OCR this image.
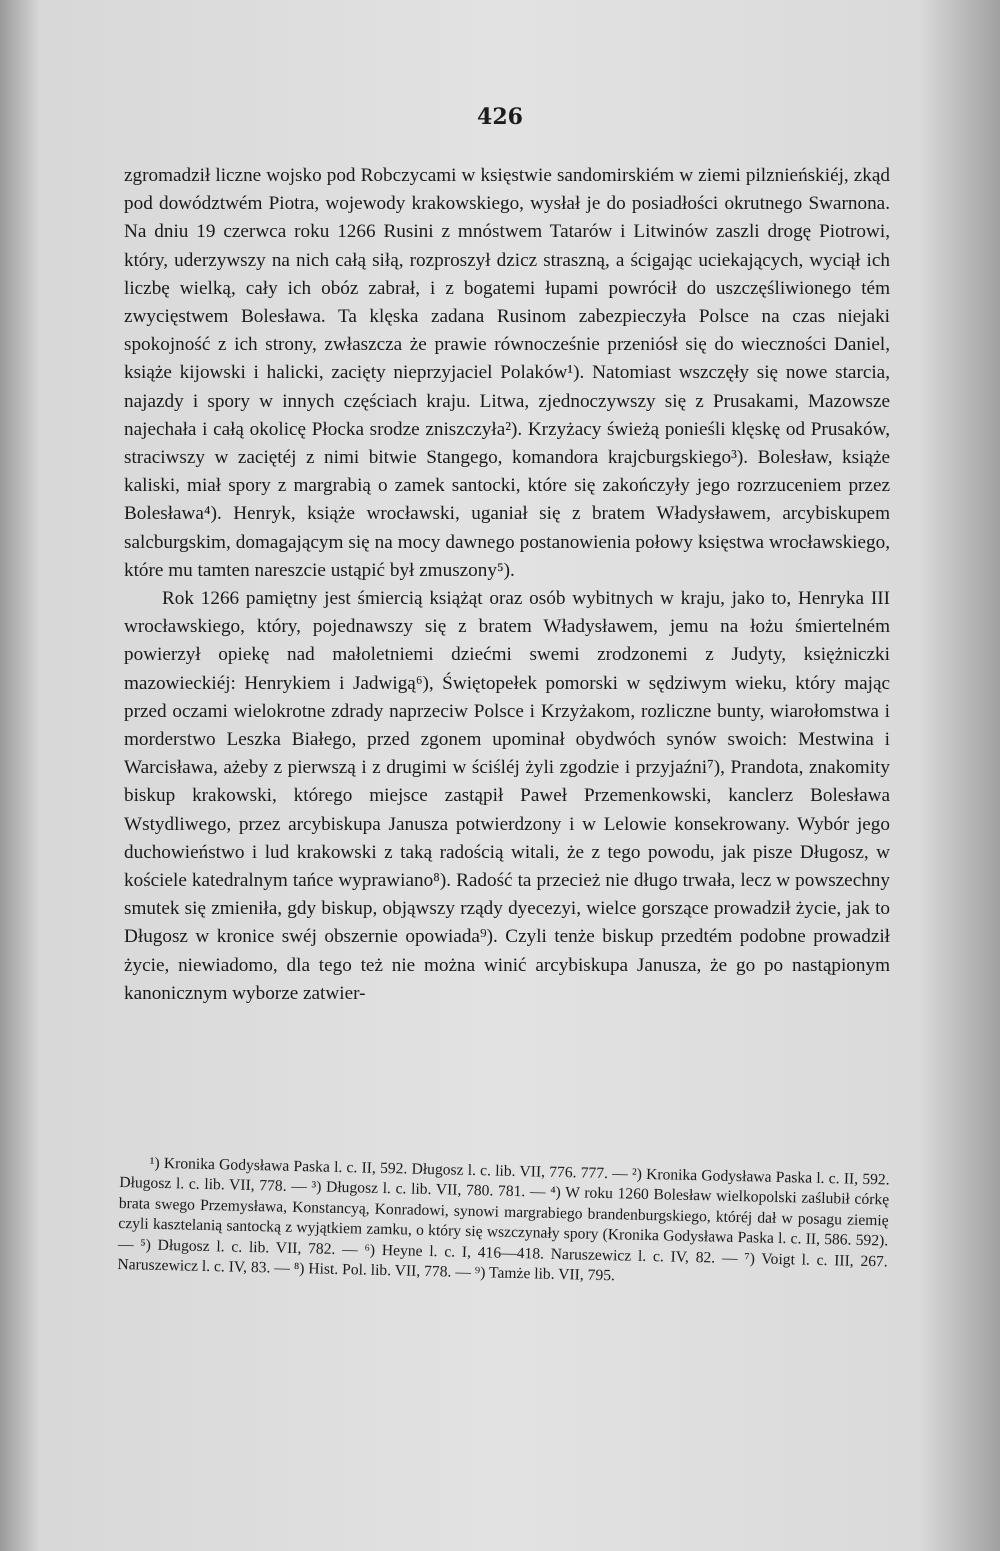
426

zgromadził liczne wojsko pod Robczycami w księstwie sandomirskiém w ziemi pilznieńskiéj, zkąd pod dowództwém Piotra, wojewody krakowskiego, wysłał je do posiadłości okrutnego Swarnona. Na dniu 19 czerwca roku 1266 Rusini z mnóstwem Tatarów i Litwinów zaszli drogę Piotrowi, który, uderzywszy na nich całą siłą, rozproszył dzicz straszną, a ścigając uciekających, wyciął ich liczbę wielką, cały ich obóz zabrał, i z bogatemi łupami powrócił do uszczęśliwionego tém zwycięstwem Bolesława. Ta klęska zadana Rusinom zabezpieczyła Polsce na czas niejaki spokojność z ich strony, zwłaszcza że prawie równocześnie przeniósł się do wieczności Daniel, książe kijowski i halicki, zacięty nieprzyjaciel Polaków¹). Natomiast wszczęły się nowe starcia, najazdy i spory w innych częściach kraju. Litwa, zjednoczywszy się z Prusakami, Mazowsze najechała i całą okolicę Płocka srodze zniszczyła²). Krzyżacy świeżą ponieśli klęskę od Prusaków, straciwszy w zaciętéj z nimi bitwie Stangego, komandora krajcburgskiego³). Bolesław, książe kaliski, miał spory z margrabią o zamek santocki, które się zakończyły jego rozrzuceniem przez Bolesława⁴). Henryk, książe wrocławski, uganiał się z bratem Władysławem, arcybiskupem salcburgskim, domagającym się na mocy dawnego postanowienia połowy księstwa wrocławskiego, które mu tamten nareszcie ustąpić był zmuszony⁵).

Rok 1266 pamiętny jest śmiercią książąt oraz osób wybitnych w kraju, jako to, Henryka III wrocławskiego, który, pojednawszy się z bratem Władysławem, jemu na łożu śmiertelném powierzył opiekę nad małoletniemi dziećmi swemi zrodzonemi z Judyty, księżniczki mazowieckiéj: Henrykiem i Jadwigą⁶), Świętopełek pomorski w sędziwym wieku, który mając przed oczami wielokrotne zdrady naprzeciw Polsce i Krzyżakom, rozliczne bunty, wiarołomstwa i morderstwo Leszka Białego, przed zgonem upominał obydwóch synów swoich: Mestwina i Warcisława, ażeby z pierwszą i z drugimi w ściśléj żyli zgodzie i przyjaźni⁷), Prandota, znakomity biskup krakowski, którego miejsce zastąpił Paweł Przemenkowski, kanclerz Bolesława Wstydliwego, przez arcybiskupa Janusza potwierdzony i w Lelowie konsekrowany. Wybór jego duchowieństwo i lud krakowski z taką radością witali, że z tego powodu, jak pisze Długosz, w kościele katedralnym tańce wyprawiano⁸). Radość ta przecież nie długo trwała, lecz w powszechny smutek się zmieniła, gdy biskup, objąwszy rządy dyecezyi, wielce gorszące prowadził życie, jak to Długosz w kronice swéj obszernie opowiada⁹). Czyli tenże biskup przedtém podobne prowadził życie, niewiadomo, dla tego też nie można winić arcybiskupa Janusza, że go po nastąpionym kanonicznym wyborze zatwier-

¹) Kronika Godysława Paska l. c. II, 592. Długosz l. c. lib. VII, 776. 777. — ²) Kronika Godysława Paska l. c. II, 592. Długosz l. c. lib. VII, 778. — ³) Długosz l. c. lib. VII, 780. 781. — ⁴) W roku 1260 Bolesław wielkopolski zaślubił córkę brata swego Przemysława, Konstancyą, Konradowi, synowi margrabiego brandenburgskiego, któréj dał w posagu ziemię czyli kasztelanią santocką z wyjątkiem zamku, o który się wszczynały spory (Kronika Godysława Paska l. c. II, 586. 592). — ⁵) Długosz l. c. lib. VII, 782. — ⁶) Heyne l. c. I, 416—418. Naruszewicz l. c. IV, 82. — ⁷) Voigt l. c. III, 267. Naruszewicz l. c. IV, 83. — ⁸) Hist. Pol. lib. VII, 778. — ⁹) Tamże lib. VII, 795.
